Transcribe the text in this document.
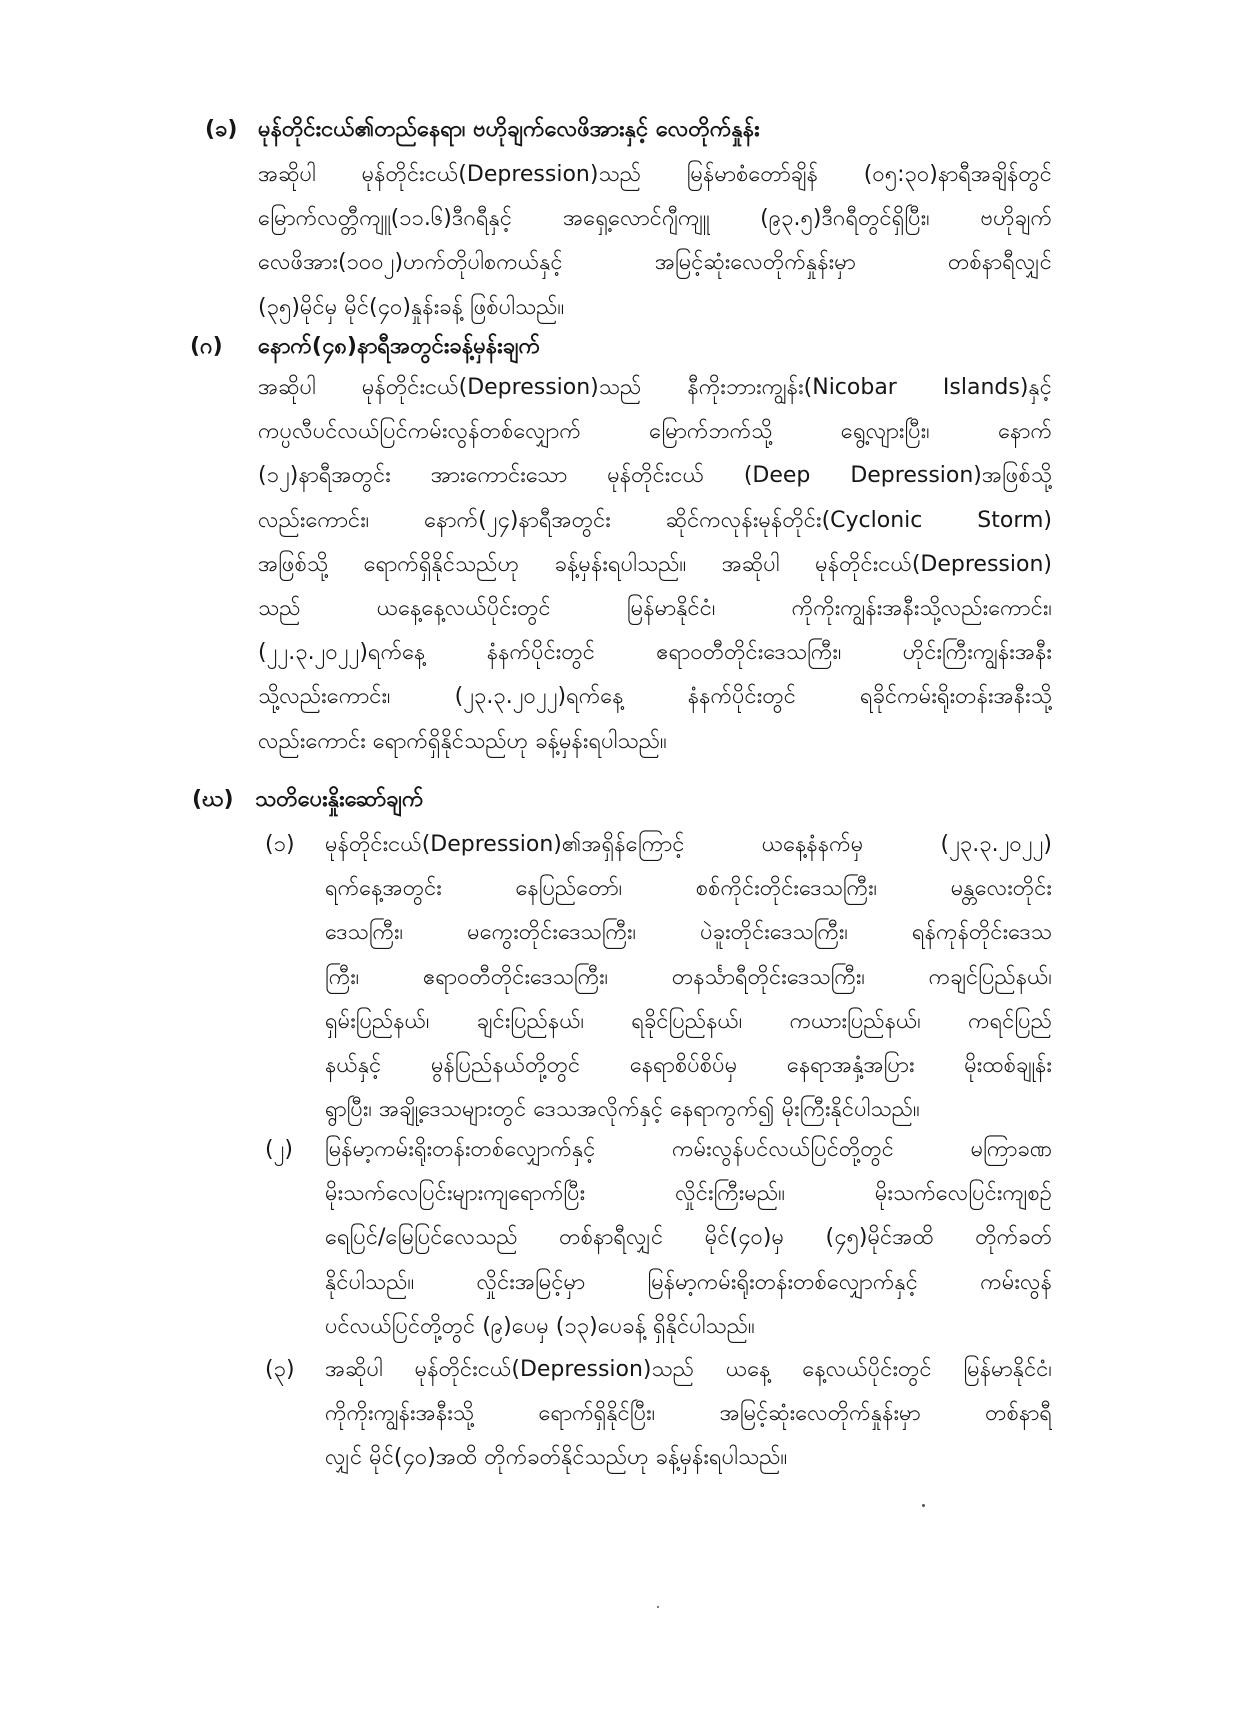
(ခ) မုန်တိုင်းငယ်၏တည်နေရာ၊ ဗဟိုချက်လေဖိအားနှင့် လေတိုက်နှုန်း
အဆိုပါ မုန်တိုင်းငယ်(Depression)သည် မြန်မာစံတော်ချိန် (၀၅:၃၀)နာရီအချိန်တွင်
မြောက်လတ္တီကျူ(၁၁.၆)ဒီဂရီနှင့် အရှေ့လောင်ဂျီကျူ (၉၃.၅)ဒီဂရီတွင်ရှိပြီး၊ ဗဟိုချက်
လေဖိအား(၁၀၀၂)ဟက်တိုပါစကယ်နှင့် အမြင့်ဆုံးလေတိုက်နှုန်းမှာ တစ်နာရီလျှင်
(၃၅)မိုင်မှ မိုင်(၄၀)နှုန်းခန့် ဖြစ်ပါသည်။
(ဂ) နောက်(၄၈)နာရီအတွင်းခန့်မှန်းချက်
အဆိုပါ မုန်တိုင်းငယ်(Depression)သည် နီကိုးဘားကျွန်း(Nicobar Islands)နှင့်
ကပ္ပလီပင်လယ်ပြင်ကမ်းလွန်တစ်လျှောက် မြောက်ဘက်သို့ ရွေ့လျားပြီး၊ နောက်
(၁၂)နာရီအတွင်း အားကောင်းသော မုန်တိုင်းငယ် (Deep Depression)အဖြစ်သို့
လည်းကောင်း၊ နောက်(၂၄)နာရီအတွင်း ဆိုင်ကလုန်းမုန်တိုင်း(Cyclonic Storm)
အဖြစ်သို့ ရောက်ရှိနိုင်သည်ဟု ခန့်မှန်းရပါသည်။ အဆိုပါ မုန်တိုင်းငယ်(Depression)
သည် ယနေ့နေ့လယ်ပိုင်းတွင် မြန်မာနိုင်ငံ၊ ကိုကိုးကျွန်းအနီးသို့လည်းကောင်း၊
(၂၂.၃.၂၀၂၂)ရက်နေ့ နံနက်ပိုင်းတွင် ဧရာဝတီတိုင်းဒေသကြီး၊ ဟိုင်းကြီးကျွန်းအနီး
သို့လည်းကောင်း၊ (၂၃.၃.၂၀၂၂)ရက်နေ့ နံနက်ပိုင်းတွင် ရခိုင်ကမ်းရိုးတန်းအနီးသို့
လည်းကောင်း ရောက်ရှိနိုင်သည်ဟု ခန့်မှန်းရပါသည်။
(ဃ) သတိပေးနှိုးဆော်ချက်
(၁) မုန်တိုင်းငယ်(Depression)၏အရှိန်ကြောင့် ယနေ့နံနက်မှ (၂၃.၃.၂၀၂၂)
ရက်နေ့အတွင်း နေပြည်တော်၊ စစ်ကိုင်းတိုင်းဒေသကြီး၊ မန္တလေးတိုင်း
ဒေသကြီး၊ မကွေးတိုင်းဒေသကြီး၊ ပဲခူးတိုင်းဒေသကြီး၊ ရန်ကုန်တိုင်းဒေသ
ကြီး၊ ဧရာဝတီတိုင်းဒေသကြီး၊ တနင်္သာရီတိုင်းဒေသကြီး၊ ကချင်ပြည်နယ်၊
ရှမ်းပြည်နယ်၊ ချင်းပြည်နယ်၊ ရခိုင်ပြည်နယ်၊ ကယားပြည်နယ်၊ ကရင်ပြည်
နယ်နှင့် မွန်ပြည်နယ်တို့တွင် နေရာစိပ်စိပ်မှ နေရာအနှံ့အပြား မိုးထစ်ချုန်း
ရွာပြီး၊ အချို့ဒေသများတွင် ဒေသအလိုက်နှင့် နေရာကွက်၍ မိုးကြီးနိုင်ပါသည်။
(၂) မြန်မာ့ကမ်းရိုးတန်းတစ်လျှောက်နှင့် ကမ်းလွန်ပင်လယ်ပြင်တို့တွင် မကြာခဏ
မိုးသက်လေပြင်းများကျရောက်ပြီး လှိုင်းကြီးမည်။ မိုးသက်လေပြင်းကျစဉ်
ရေပြင်/မြေပြင်လေသည် တစ်နာရီလျှင် မိုင်(၄၀)မှ (၄၅)မိုင်အထိ တိုက်ခတ်
နိုင်ပါသည်။ လှိုင်းအမြင့်မှာ မြန်မာ့ကမ်းရိုးတန်းတစ်လျှောက်နှင့် ကမ်းလွန်
ပင်လယ်ပြင်တို့တွင် (၉)ပေမှ (၁၃)ပေခန့် ရှိနိုင်ပါသည်။
(၃) အဆိုပါ မုန်တိုင်းငယ်(Depression)သည် ယနေ့ နေ့လယ်ပိုင်းတွင် မြန်မာနိုင်ငံ၊
ကိုကိုးကျွန်းအနီးသို့ ရောက်ရှိနိုင်ပြီး၊ အမြင့်ဆုံးလေတိုက်နှုန်းမှာ တစ်နာရီ
လျှင် မိုင်(၄၀)အထိ တိုက်ခတ်နိုင်သည်ဟု ခန့်မှန်းရပါသည်။
